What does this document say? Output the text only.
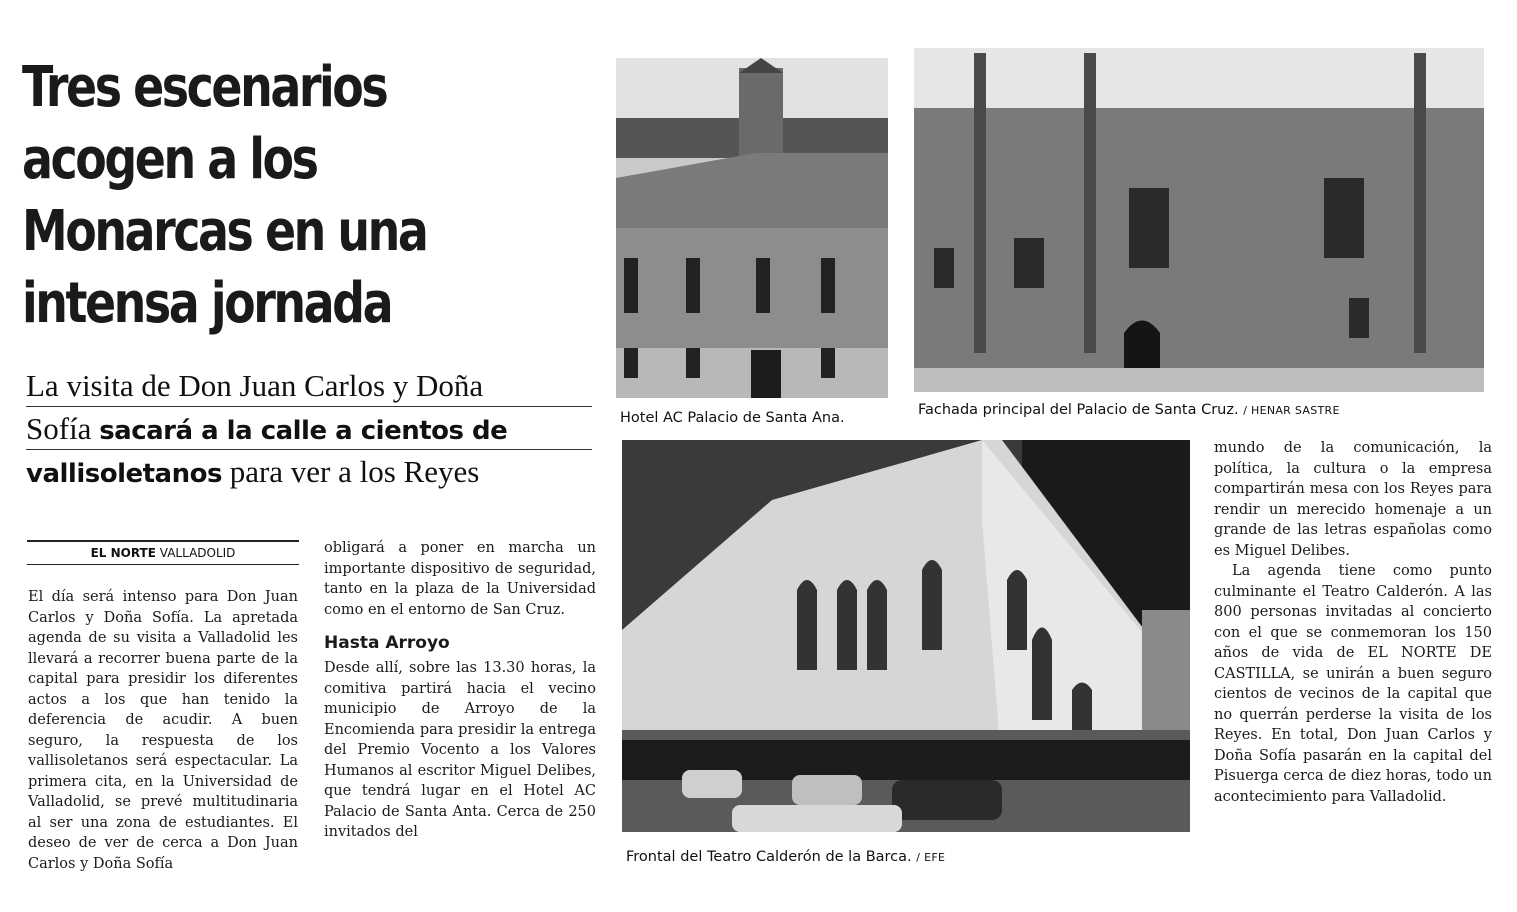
Tres escenarios
acogen a los
Monarcas en una
intensa jornada
La visita de Don Juan Carlos y Doña
Sofía sacará a la calle a cientos de
vallisoletanos para ver a los Reyes
EL NORTE VALLADOLID

El día será intenso para Don Juan Carlos y Doña Sofía. La apretada agenda de su visita a Valladolid les llevará a recorrer buena parte de la capital para presidir los diferentes actos a los que han tenido la deferencia de acudir. A buen seguro, la respuesta de los vallisoletanos será espectacular. La primera cita, en la Universidad de Valladolid, se prevé multitudinaria al ser una zona de estudiantes. El deseo de ver de cerca a Don Juan Carlos y Doña Sofía

obligará a poner en marcha un importante dispositivo de seguridad, tanto en la plaza de la Universidad como en el entorno de San Cruz.

Hasta Arroyo

Desde allí, sobre las 13.30 horas, la comitiva partirá hacia el vecino municipio de Arroyo de la Encomienda para presidir la entrega del Premio Vocento a los Valores Humanos al escritor Miguel Delibes, que tendrá lugar en el Hotel AC Palacio de Santa Anta. Cerca de 250 invitados del

mundo de la comunicación, la política, la cultura o la empresa compartirán mesa con los Reyes para rendir un merecido homenaje a un grande de las letras españolas como es Miguel Delibes.

La agenda tiene como punto culminante el Teatro Calderón. A las 800 personas invitadas al concierto con el que se conmemoran los 150 años de vida de EL NORTE DE CASTILLA, se unirán a buen seguro cientos de vecinos de la capital que no querrán perderse la visita de los Reyes. En total, Don Juan Carlos y Doña Sofía pasarán en la capital del Pisuerga cerca de diez horas, todo un acontecimiento para Valladolid.

Hotel AC Palacio de Santa Ana.	Fachada principal del Palacio de Santa Cruz. / HENAR SASTRE
Frontal del Teatro Calderón de la Barca. / EFE
